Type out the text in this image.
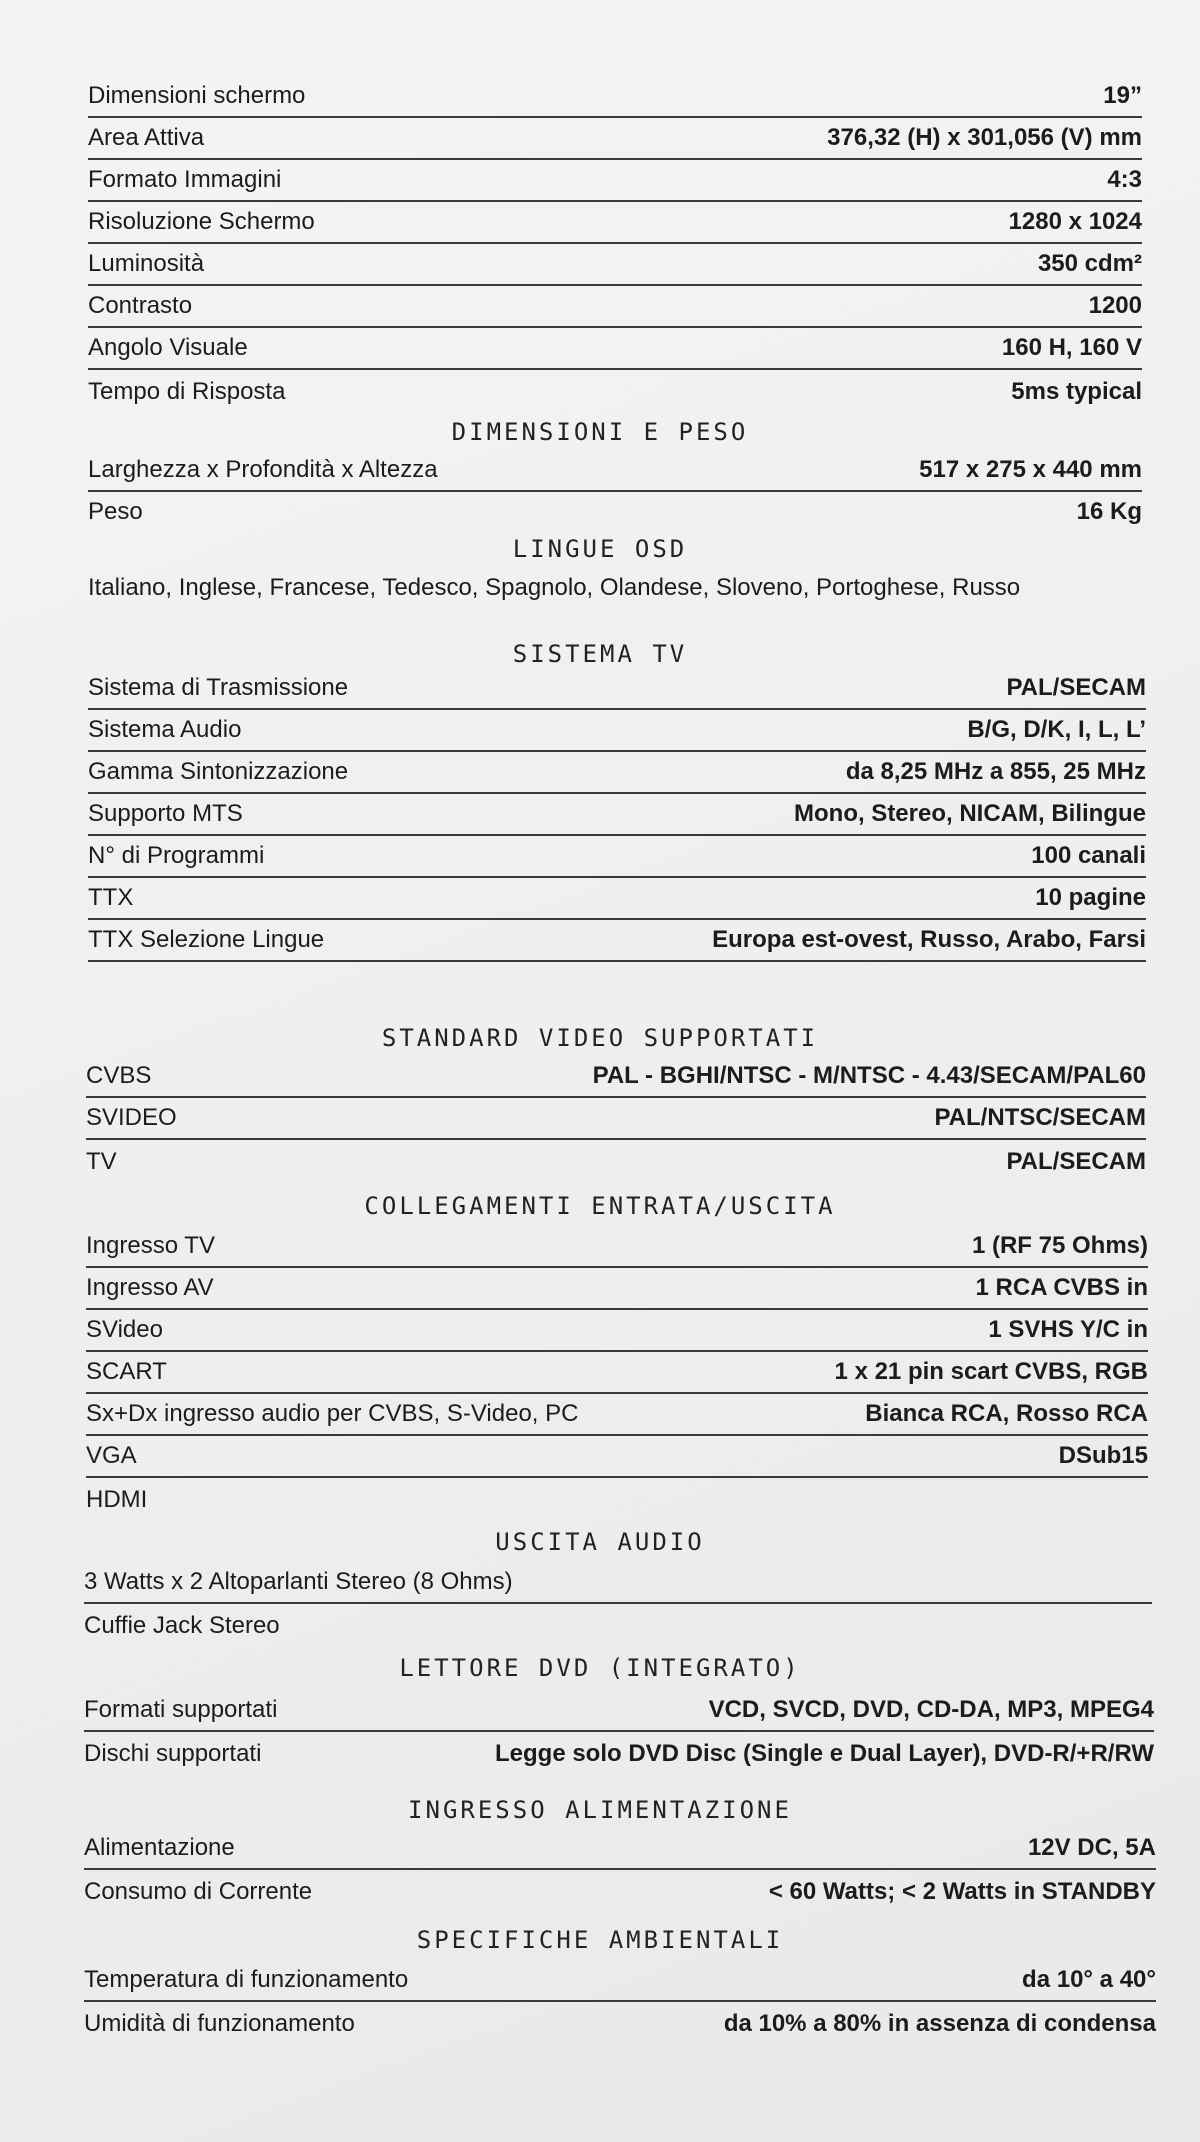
Dimensioni schermo	19”
Area Attiva	376,32 (H) x 301,056 (V) mm
Formato Immagini	4:3
Risoluzione Schermo	1280 x 1024
Luminosità	350 cdm²
Contrasto	1200
Angolo Visuale	160 H, 160 V
Tempo di Risposta	5ms typical
DIMENSIONI E PESO
Larghezza x Profondità x Altezza	517 x 275 x 440 mm
Peso	16 Kg
LINGUE OSD
Italiano, Inglese, Francese, Tedesco, Spagnolo, Olandese, Sloveno, Portoghese, Russo
SISTEMA TV
Sistema di Trasmissione	PAL/SECAM
Sistema Audio	B/G, D/K, I, L, L’
Gamma Sintonizzazione	da 8,25 MHz a 855, 25 MHz
Supporto MTS	Mono, Stereo, NICAM, Bilingue
N° di Programmi	100 canali
TTX	10 pagine
TTX Selezione Lingue	Europa est-ovest, Russo, Arabo, Farsi
STANDARD VIDEO SUPPORTATI
CVBS	PAL - BGHI/NTSC - M/NTSC - 4.43/SECAM/PAL60
SVIDEO	PAL/NTSC/SECAM
TV	PAL/SECAM
COLLEGAMENTI ENTRATA/USCITA
Ingresso TV	1 (RF 75 Ohms)
Ingresso AV	1 RCA CVBS in
SVideo	1 SVHS Y/C in
SCART	1 x 21 pin scart CVBS, RGB
Sx+Dx ingresso audio per CVBS, S-Video, PC	Bianca RCA, Rosso RCA
VGA	DSub15
HDMI
USCITA AUDIO
3 Watts x 2 Altoparlanti Stereo (8 Ohms)
Cuffie Jack Stereo
LETTORE DVD (INTEGRATO)
Formati supportati	VCD, SVCD, DVD, CD-DA, MP3, MPEG4
Dischi supportati	Legge solo DVD Disc (Single e Dual Layer), DVD-R/+R/RW
INGRESSO ALIMENTAZIONE
Alimentazione	12V DC, 5A
Consumo di Corrente	< 60 Watts; < 2 Watts in STANDBY
SPECIFICHE AMBIENTALI
Temperatura di funzionamento	da 10° a 40°
Umidità di funzionamento	da 10% a 80% in assenza di condensa
